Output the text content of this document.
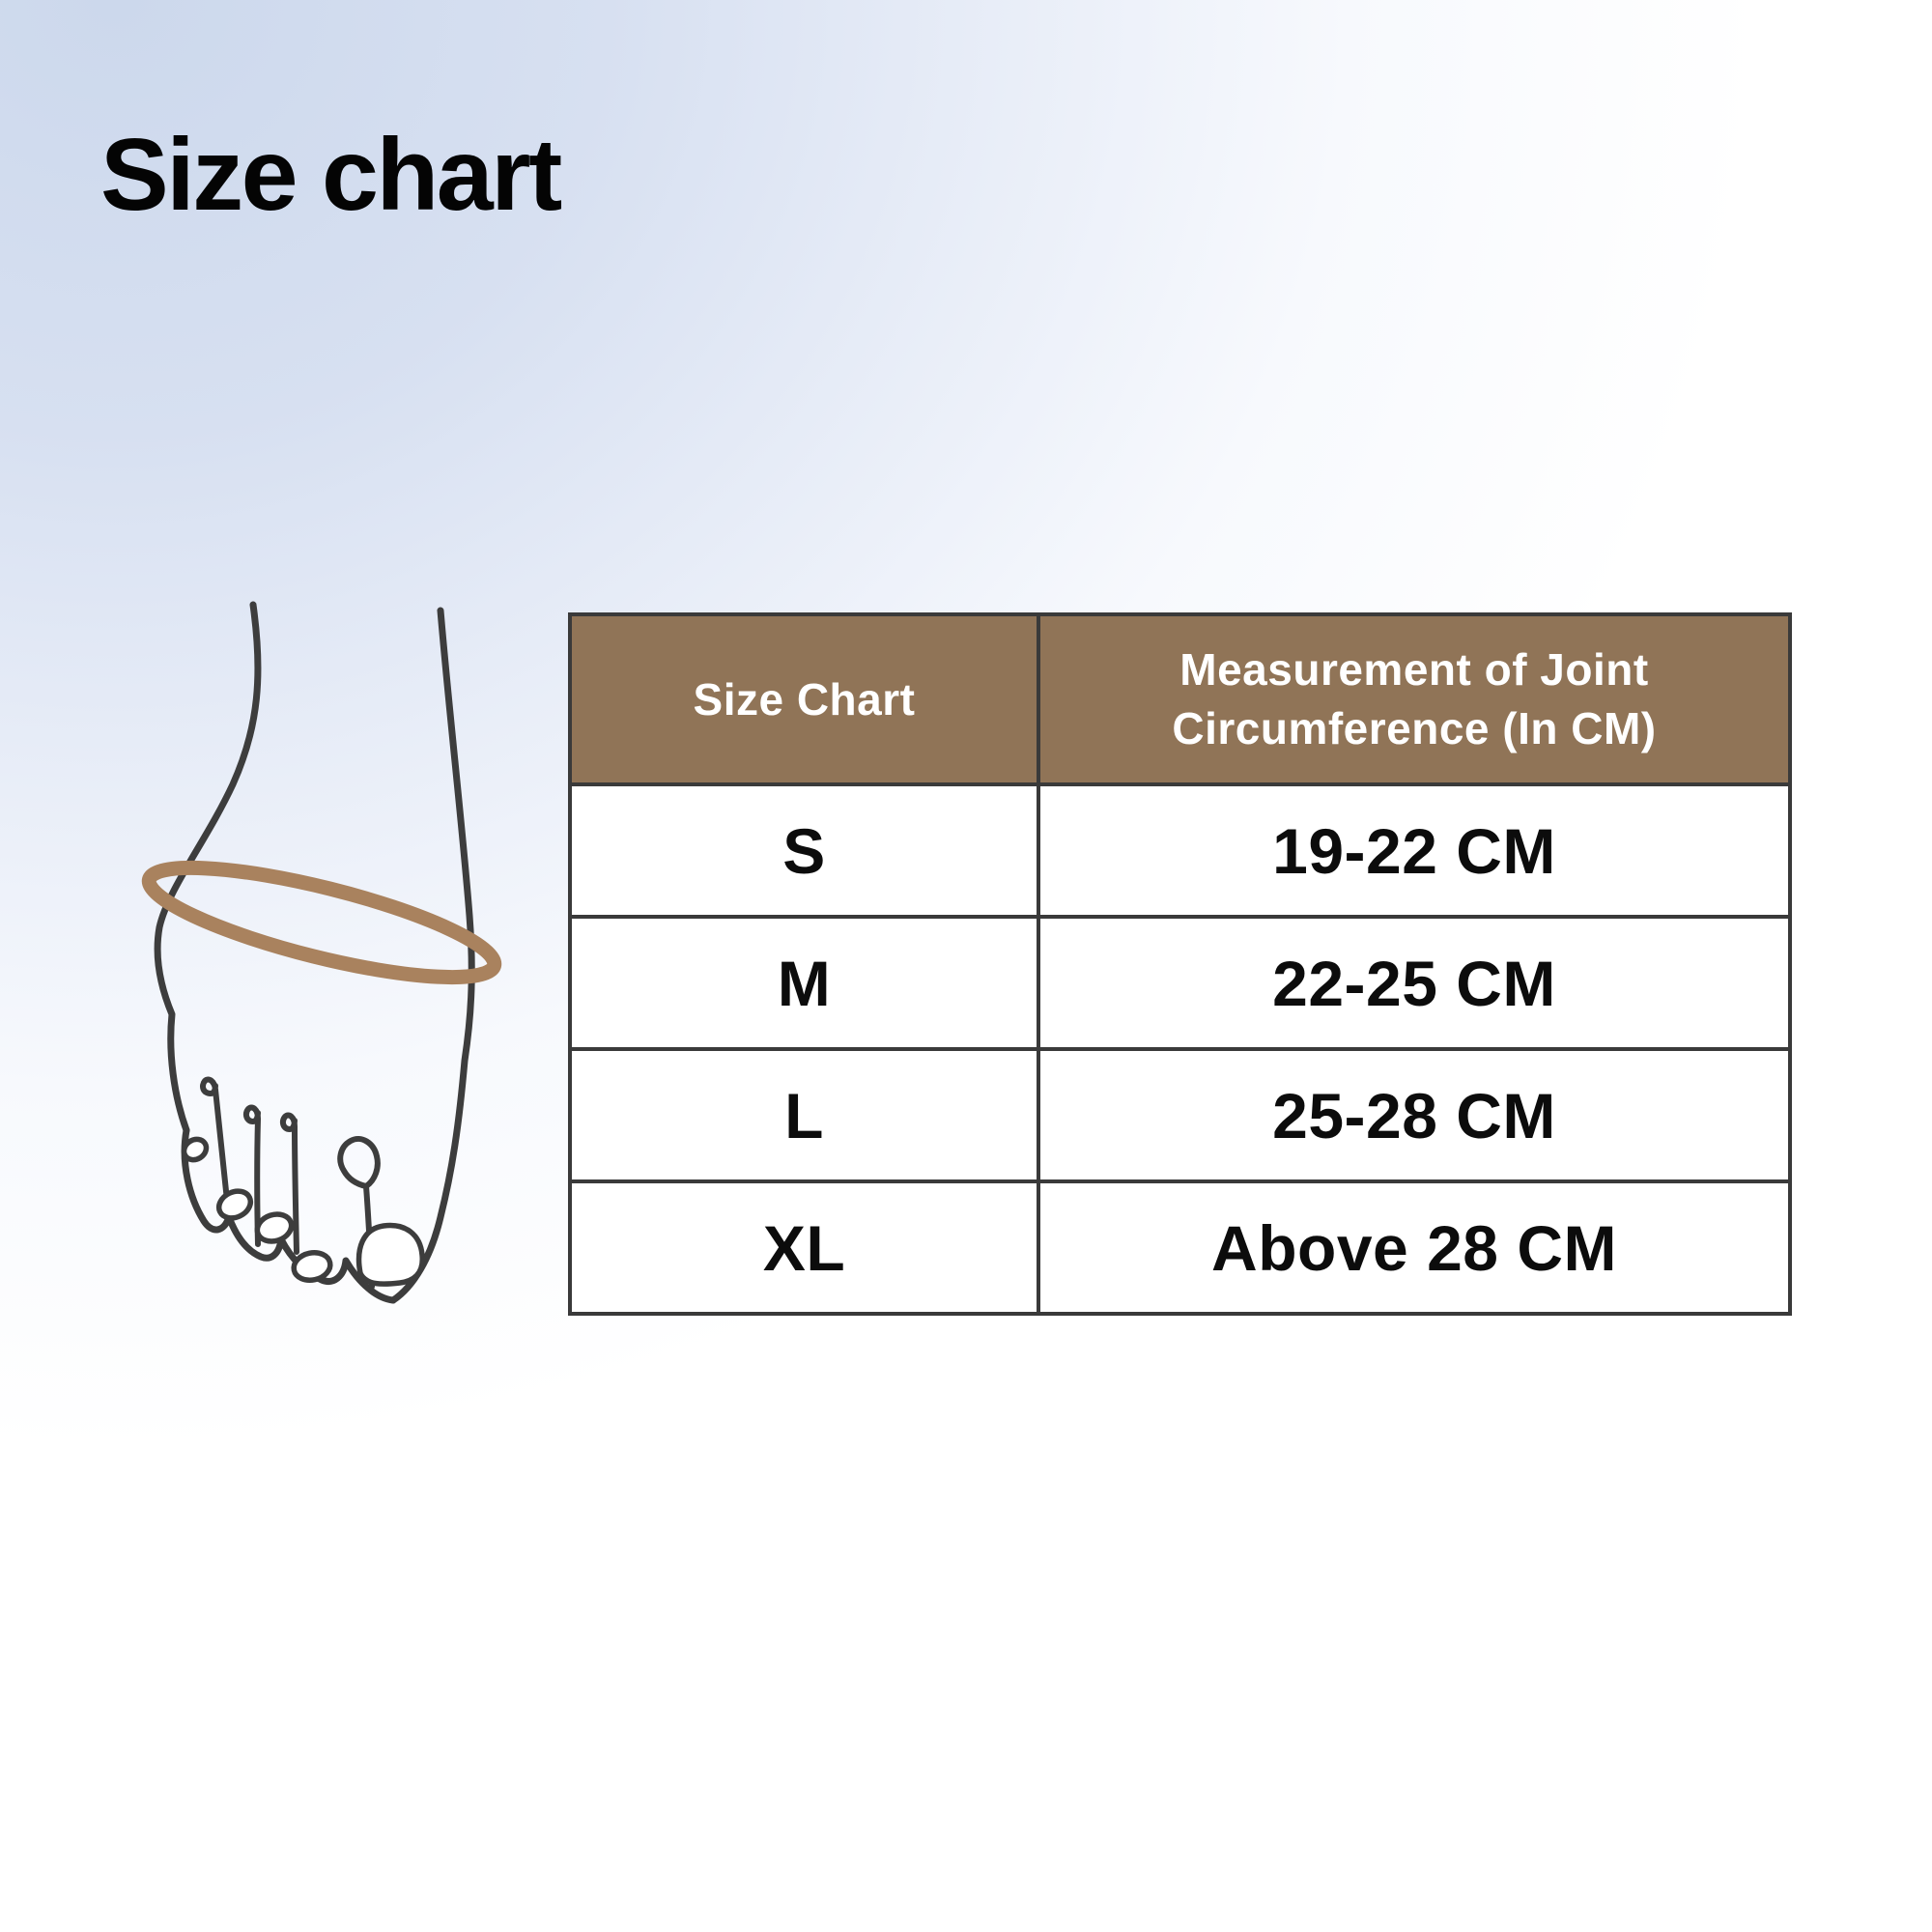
Size chart
Size Chart	Measurement of Joint Circumference (In CM)
S	19-22 CM
M	22-25 CM
L	25-28 CM
XL	Above 28 CM
